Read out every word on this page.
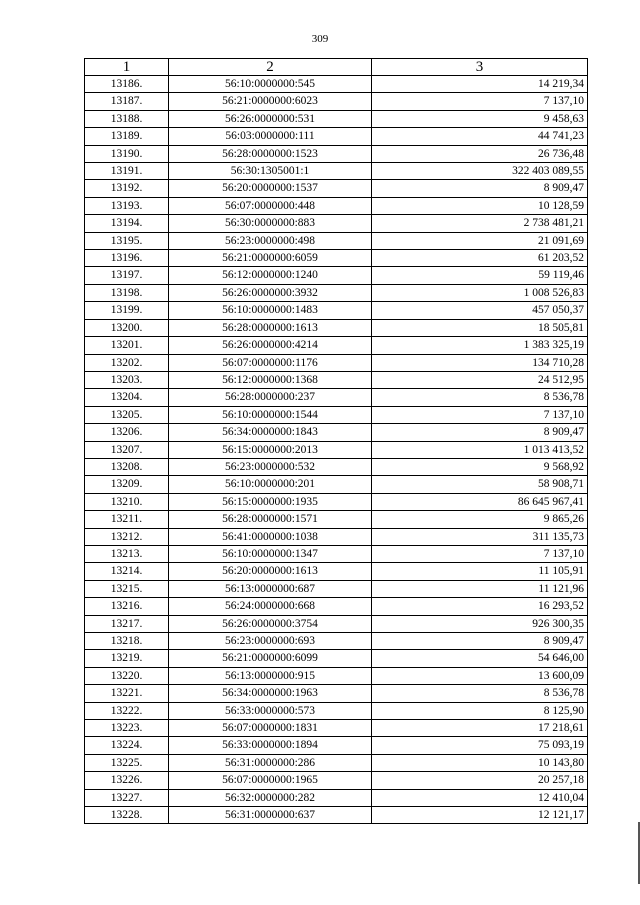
309
1	2	3
13186.	56:10:0000000:545	14 219,34
13187.	56:21:0000000:6023	7 137,10
13188.	56:26:0000000:531	9 458,63
13189.	56:03:0000000:111	44 741,23
13190.	56:28:0000000:1523	26 736,48
13191.	56:30:1305001:1	322 403 089,55
13192.	56:20:0000000:1537	8 909,47
13193.	56:07:0000000:448	10 128,59
13194.	56:30:0000000:883	2 738 481,21
13195.	56:23:0000000:498	21 091,69
13196.	56:21:0000000:6059	61 203,52
13197.	56:12:0000000:1240	59 119,46
13198.	56:26:0000000:3932	1 008 526,83
13199.	56:10:0000000:1483	457 050,37
13200.	56:28:0000000:1613	18 505,81
13201.	56:26:0000000:4214	1 383 325,19
13202.	56:07:0000000:1176	134 710,28
13203.	56:12:0000000:1368	24 512,95
13204.	56:28:0000000:237	8 536,78
13205.	56:10:0000000:1544	7 137,10
13206.	56:34:0000000:1843	8 909,47
13207.	56:15:0000000:2013	1 013 413,52
13208.	56:23:0000000:532	9 568,92
13209.	56:10:0000000:201	58 908,71
13210.	56:15:0000000:1935	86 645 967,41
13211.	56:28:0000000:1571	9 865,26
13212.	56:41:0000000:1038	311 135,73
13213.	56:10:0000000:1347	7 137,10
13214.	56:20:0000000:1613	11 105,91
13215.	56:13:0000000:687	11 121,96
13216.	56:24:0000000:668	16 293,52
13217.	56:26:0000000:3754	926 300,35
13218.	56:23:0000000:693	8 909,47
13219.	56:21:0000000:6099	54 646,00
13220.	56:13:0000000:915	13 600,09
13221.	56:34:0000000:1963	8 536,78
13222.	56:33:0000000:573	8 125,90
13223.	56:07:0000000:1831	17 218,61
13224.	56:33:0000000:1894	75 093,19
13225.	56:31:0000000:286	10 143,80
13226.	56:07:0000000:1965	20 257,18
13227.	56:32:0000000:282	12 410,04
13228.	56:31:0000000:637	12 121,17
